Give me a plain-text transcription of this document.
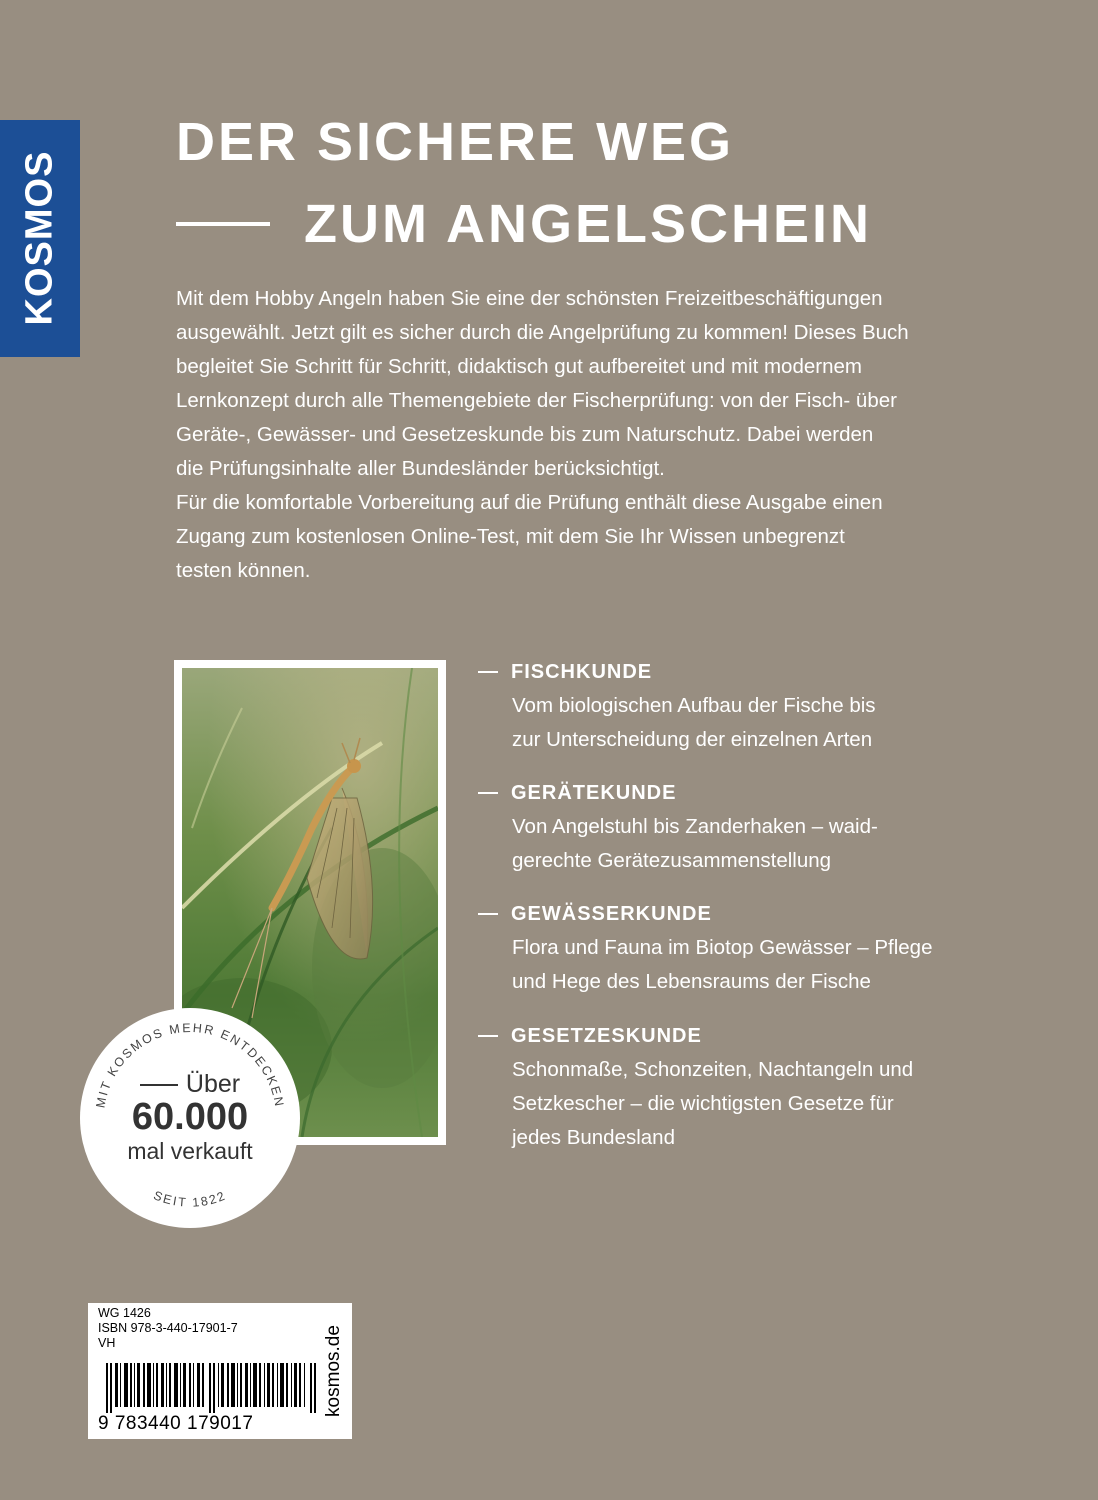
KOSMOS
DER SICHERE WEG
ZUM ANGELSCHEIN

Mit dem Hobby Angeln haben Sie eine der schönsten Freizeitbeschäftigungen

ausgewählt. Jetzt gilt es sicher durch die Angelprüfung zu kommen! Dieses Buch

begleitet Sie Schritt für Schritt, didaktisch gut aufbereitet und mit modernem

Lernkonzept durch alle Themengebiete der Fischerprüfung: von der Fisch- über

Geräte-, Gewässer- und Gesetzeskunde bis zum Naturschutz. Dabei werden

die Prüfungsinhalte aller Bundesländer berücksichtigt.

Für die komfortable Vorbereitung auf die Prüfung enthält diese Ausgabe einen

Zugang zum kostenlosen Online-Test, mit dem Sie Ihr Wissen unbegrenzt

testen können.

MIT KOSMOS MEHR ENTDECKEN
SEIT 1822
Über
60.000
mal verkauft
FISCHKUNDE
Vom biologischen Aufbau der Fische bis
zur Unterscheidung der einzelnen Arten
GERÄTEKUNDE
Von Angelstuhl bis Zanderhaken – waid-
gerechte Gerätezusammenstellung
GEWÄSSERKUNDE
Flora und Fauna im Biotop Gewässer – Pflege
und Hege des Lebensraums der Fische
GESETZESKUNDE
Schonmaße, Schonzeiten, Nachtangeln und
Setzkescher – die wichtigsten Gesetze für
jedes Bundesland
WG 1426
ISBN 978-3-440-17901-7
VH
9 783440 179017
kosmos.de
